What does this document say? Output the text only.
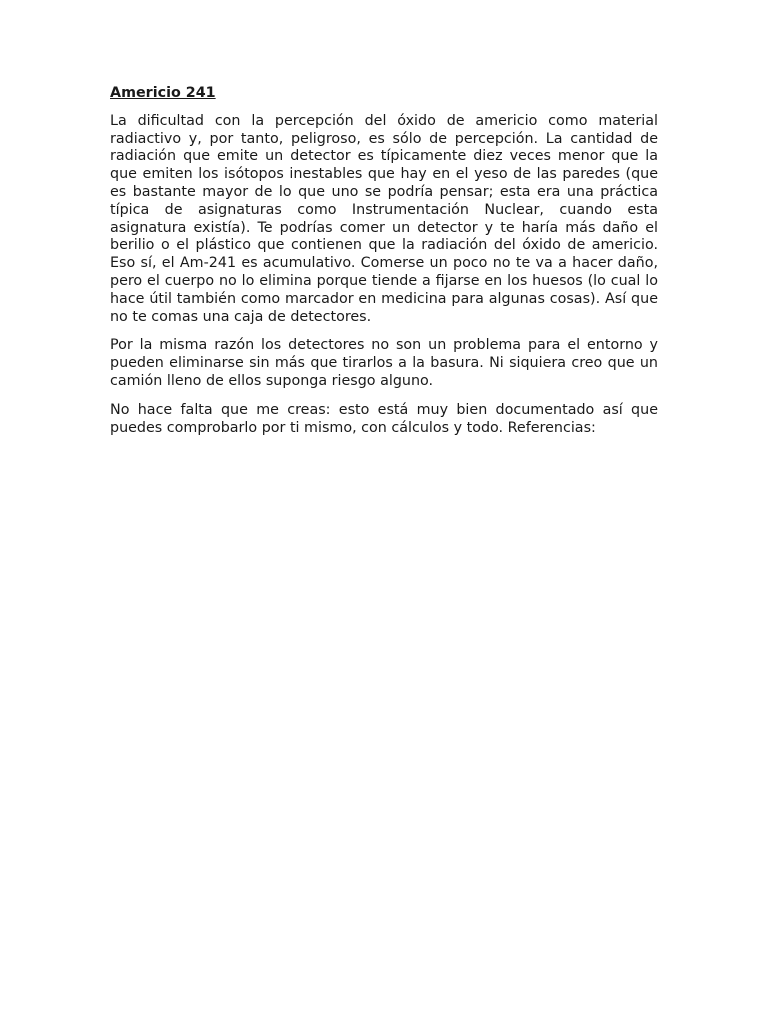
Americio 241

La dificultad con la percepción del óxido de americio como material radiactivo y, por tanto, peligroso, es sólo de percepción. La cantidad de radiación que emite un detector es típicamente diez veces menor que la que emiten los isótopos inestables que hay en el yeso de las paredes (que es bastante mayor de lo que uno se podría pensar; esta era una práctica típica de asignaturas como Instrumentación Nuclear, cuando esta asignatura existía). Te podrías comer un detector y te haría más daño el berilio o el plástico que contienen que la radiación del óxido de americio. Eso sí, el Am-241 es acumulativo. Comerse un poco no te va a hacer daño, pero el cuerpo no lo elimina porque tiende a fijarse en los huesos (lo cual lo hace útil también como marcador en medicina para algunas cosas). Así que no te comas una caja de detectores.

Por la misma razón los detectores no son un problema para el entorno y pueden eliminarse sin más que tirarlos a la basura. Ni siquiera creo que un camión lleno de ellos suponga riesgo alguno.

No hace falta que me creas: esto está muy bien documentado así que puedes comprobarlo por ti mismo, con cálculos y todo. Referencias:
